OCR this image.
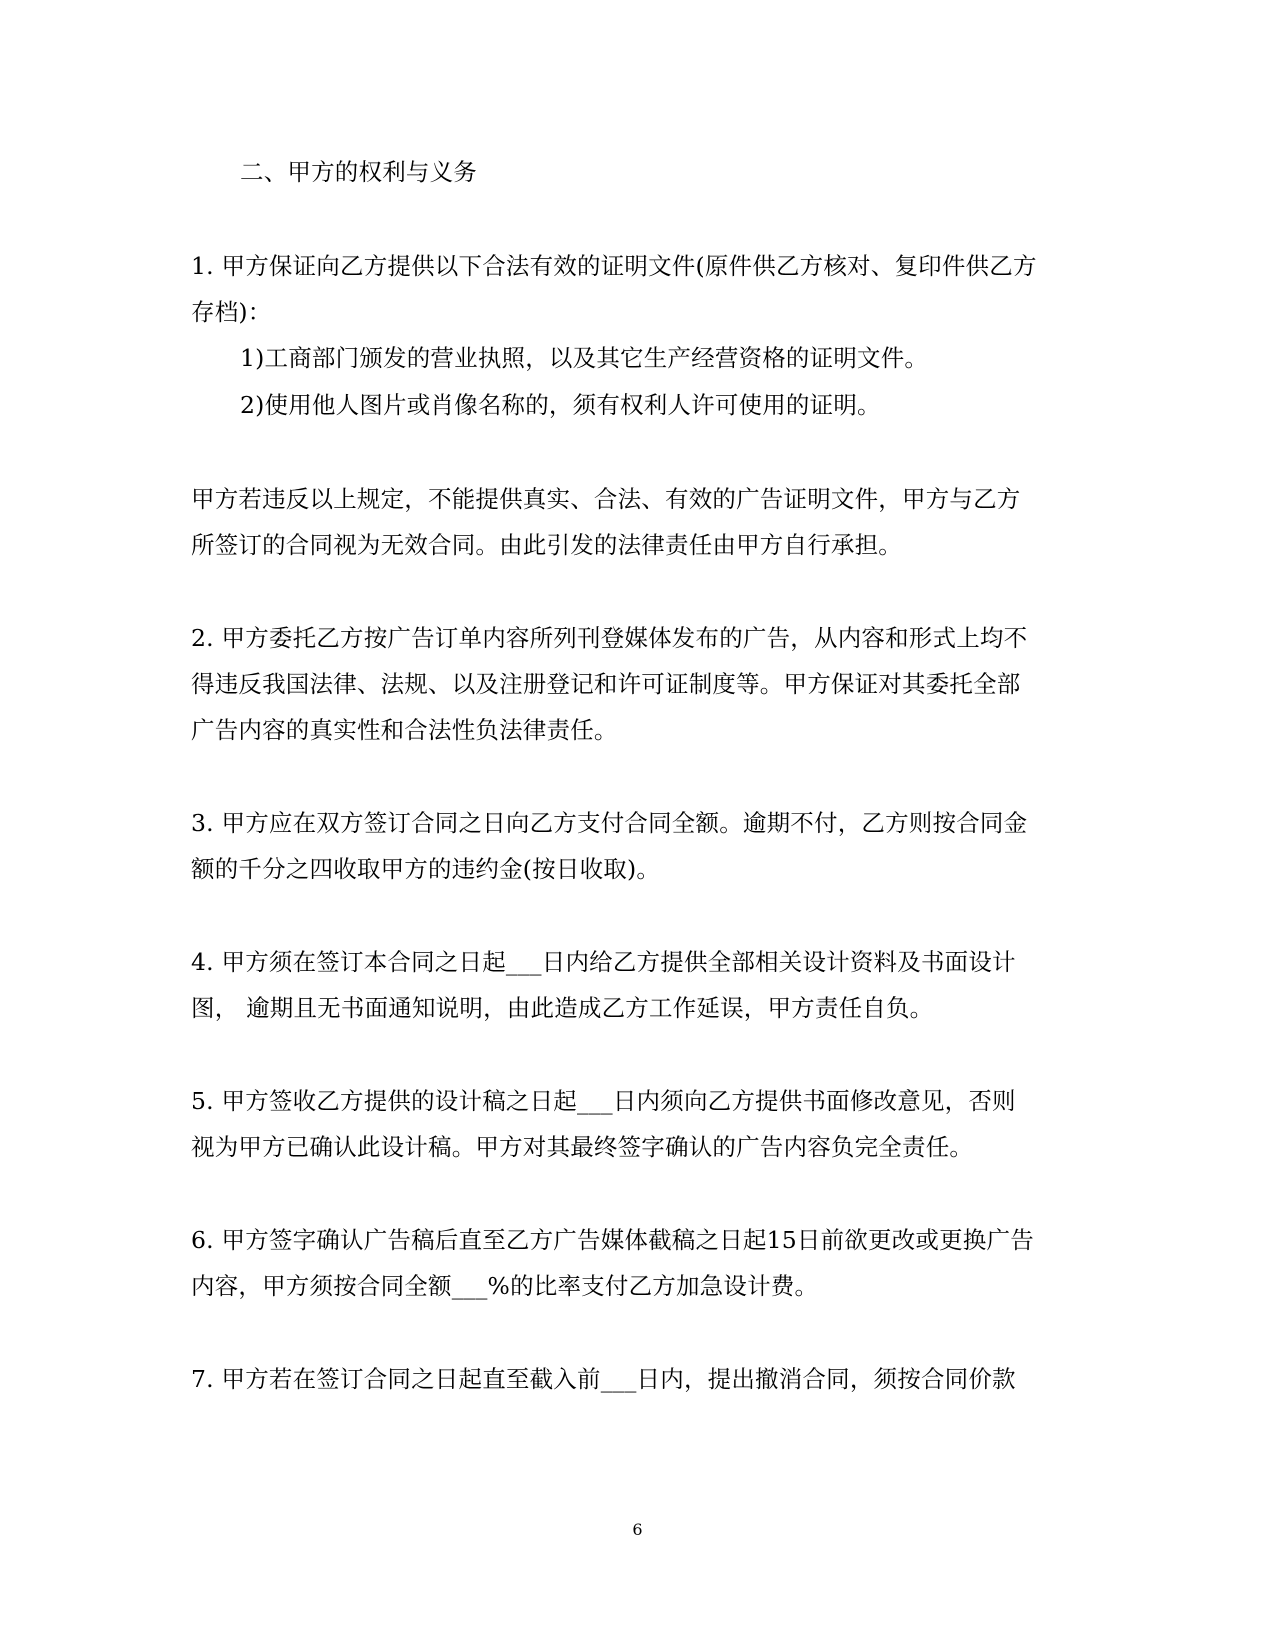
二、甲方的权利与义务
1. 甲方保证向乙方提供以下合法有效的证明文件(原件供乙方核对、复印件供乙方
存档)：
1)工商部门颁发的营业执照，以及其它生产经营资格的证明文件。
2)使用他人图片或肖像名称的，须有权利人许可使用的证明。
甲方若违反以上规定，不能提供真实、合法、有效的广告证明文件，甲方与乙方
所签订的合同视为无效合同。由此引发的法律责任由甲方自行承担。
2. 甲方委托乙方按广告订单内容所列刊登媒体发布的广告，从内容和形式上均不
得违反我国法律、法规、以及注册登记和许可证制度等。甲方保证对其委托全部
广告内容的真实性和合法性负法律责任。
3. 甲方应在双方签订合同之日向乙方支付合同全额。逾期不付，乙方则按合同金
额的千分之四收取甲方的违约金(按日收取)。
4. 甲方须在签订本合同之日起___日内给乙方提供全部相关设计资料及书面设计
图， 逾期且无书面通知说明，由此造成乙方工作延误，甲方责任自负。
5. 甲方签收乙方提供的设计稿之日起___日内须向乙方提供书面修改意见，否则
视为甲方已确认此设计稿。甲方对其最终签字确认的广告内容负完全责任。
6. 甲方签字确认广告稿后直至乙方广告媒体截稿之日起15日前欲更改或更换广告
内容，甲方须按合同全额___%的比率支付乙方加急设计费。
7. 甲方若在签订合同之日起直至截入前___日内，提出撤消合同，须按合同价款
6
